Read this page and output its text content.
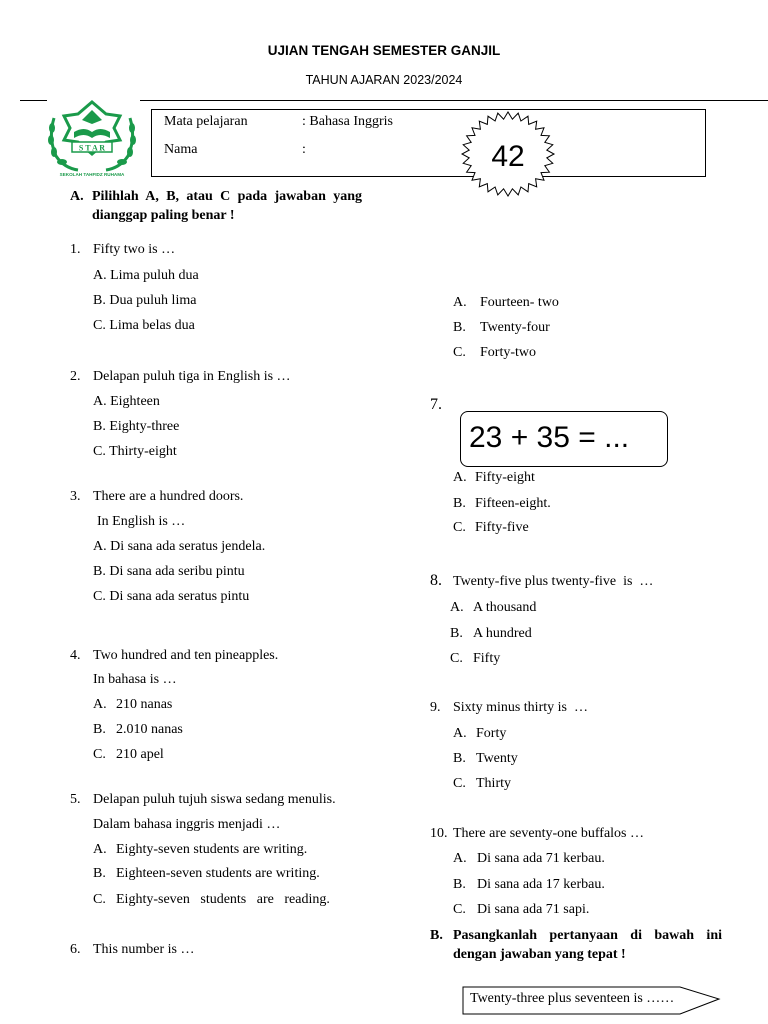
UJIAN TENGAH SEMESTER GANJIL
TAHUN AJARAN 2023/2024
S T A R
SEKOLAH TAHFIDZ RUHAMA
Mata pelajaran	: Bahasa Inggris
Nama	:	42
A. Pilihlah A, B, atau C pada jawaban yang dianggap paling benar !
1. Fifty two is …
A. Lima puluh dua
B. Dua puluh lima
C. Lima belas dua
2. Delapan puluh tiga in English is …
A. Eighteen
B. Eighty-three
C. Thirty-eight
3. There are a hundred doors.
In English is …
A. Di sana ada seratus jendela.
B. Di sana ada seribu pintu
C. Di sana ada seratus pintu
4. Two hundred and ten pineapples.
In bahasa is …
A. 210 nanas
B. 2.010 nanas
C. 210 apel
5. Delapan puluh tujuh siswa sedang menulis.
Dalam bahasa inggris menjadi …
A. Eighty-seven students are writing.
B. Eighteen-seven students are writing.
C. Eighty-seven   students   are   reading.
6. This number is …
A. Fourteen- two
B. Twenty-four
C. Forty-two
7.
23 + 35 = ...
A. Fifty-eight
B. Fifteen-eight.
C. Fifty-five
8. Twenty-five plus twenty-five  is  …
A. A thousand
B. A hundred
C. Fifty
9. Sixty minus thirty is  …
A. Forty
B. Twenty
C. Thirty
10. There are seventy-one buffalos …
A. Di sana ada 71 kerbau.
B. Di sana ada 17 kerbau.
C. Di sana ada 71 sapi.
B. Pasangkanlah pertanyaan di bawah ini dengan jawaban yang tepat !
Twenty-three plus seventeen is ……
